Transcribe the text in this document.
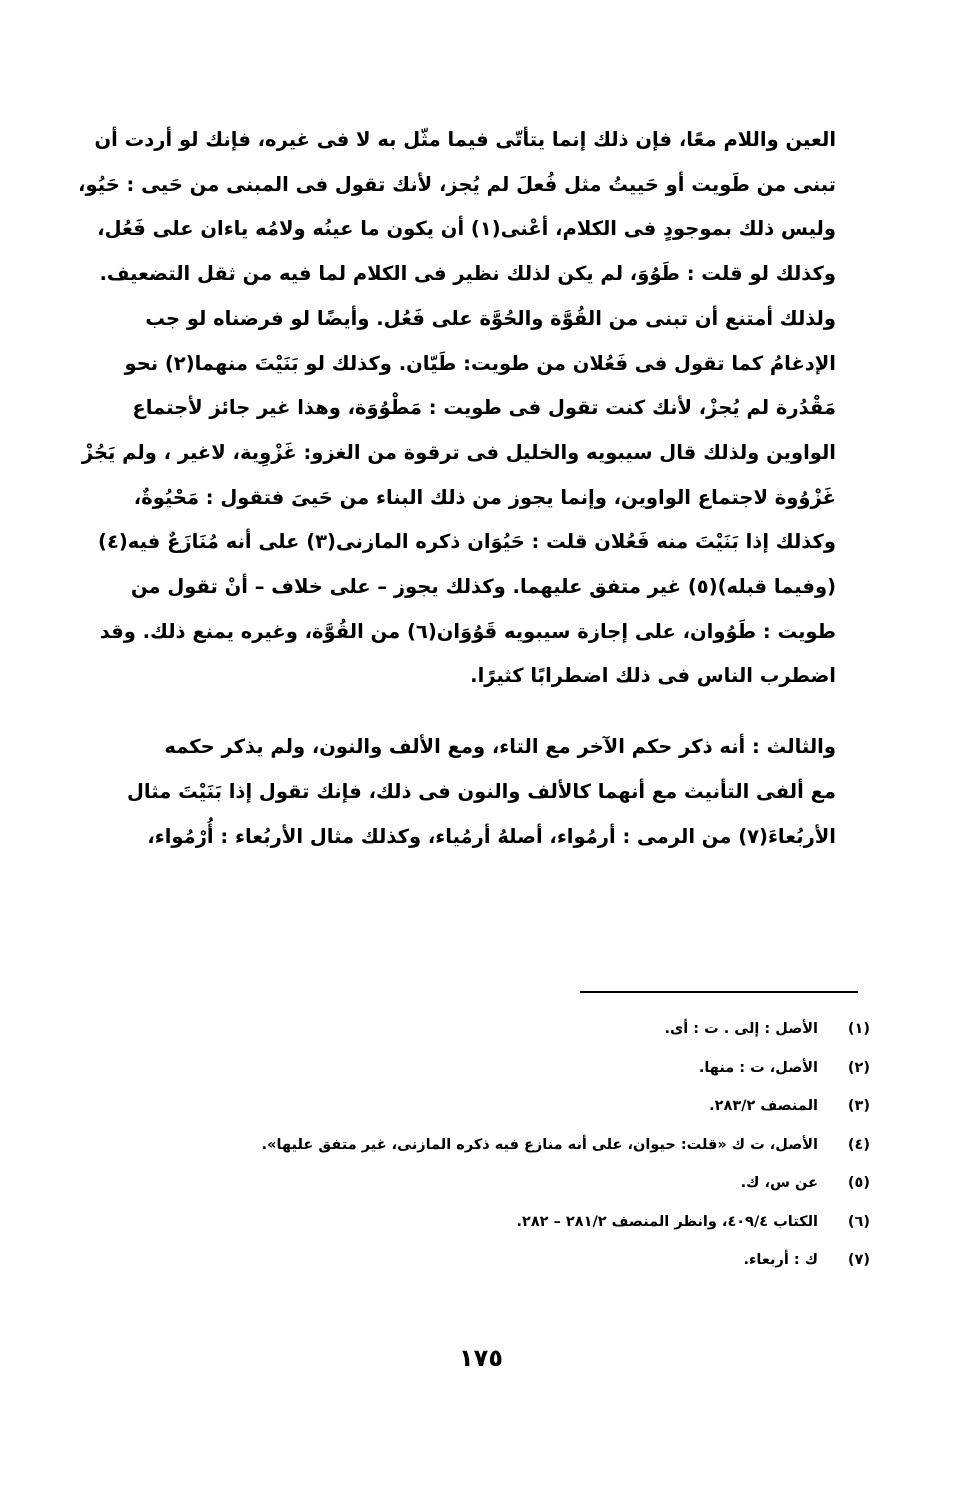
العين واللام معًا، فإن ذلك إنما يتأتّى فيما مثّل به لا فى غيره، فإنك لو أردت أن
تبنى من طَويت أو حَييتُ مثل فُعلَ لم يُجز، لأنك تقول فى المبنى من حَيى : حَيُو،
وليس ذلك بموجودٍ فى الكلام، أعْنى(١) أن يكون ما عينُه ولامُه ياءان على فَعُل،
وكذلك لو قلت : طَوُوَ، لم يكن لذلك نظير فى الكلام لما فيه من ثقل التضعيف.
ولذلك أمتنع أن تبنى من القُوَّة والحُوَّة على فَعُل. وأيضًا لو فرضناه لو جب
الإدغامُ كما تقول فى فَعُلان من طويت: طَيّان. وكذلك لو بَنَيْتَ منهما(٢) نحو
مَقْدُرة لم يُجزْ، لأنك كنت تقول فى طويت : مَطْوُوَة، وهذا غير جائز لأجتماع
الواوين ولذلك قال سيبويه والخليل فى ترقوة من الغزو: غَزْوِية، لاغير ، ولم يَجُزْ
غَزْوُوة لاجتماع الواوين، وإنما يجوز من ذلك البناء من حَيىَ فتقول : مَحْيُوةٌ،
وكذلك إذا بَنَيْتَ منه فَعُلان قلت : حَيُوَان ذكره المازنى(٣) على أنه مُنَازَعٌ فيه(٤)
(وفيما قبله)(٥) غير متفق عليهما. وكذلك يجوز – على خلاف – أنْ تقول من
طويت : طَوُوان، على إجازة سيبويه قَوُوَان(٦) من القُوَّة، وغيره يمنع ذلك. وقد
اضطرب الناس فى ذلك اضطرابًا كثيرًا.
والثالث : أنه ذكر حكم الآخر مع التاء، ومع الألف والنون، ولم يذكر حكمه
مع ألفى التأنيث مع أنهما كالألف والنون فى ذلك، فإنك تقول إذا بَنَيْتَ مثال
الأربُعاءَ(٧) من الرمى : أرمُواء، أصلهُ أرمُياء، وكذلك مثال الأربُعاء : أُرْمُواء،
(١)
الأصل : إلى . ت : أى.
(٢)
الأصل، ت : منها.
(٣)
المنصف ٢٨٣/٢.
(٤)
الأصل، ت ك «قلت: حيوان، على أنه منازع فيه ذكره المازنى، غير متفق عليها».
(٥)
عن س، ك.
(٦)
الكتاب ٤٠٩/٤، وانظر المنصف ٢٨١/٢ – ٢٨٢.
(٧)
ك : أربعاء.
١٧٥
